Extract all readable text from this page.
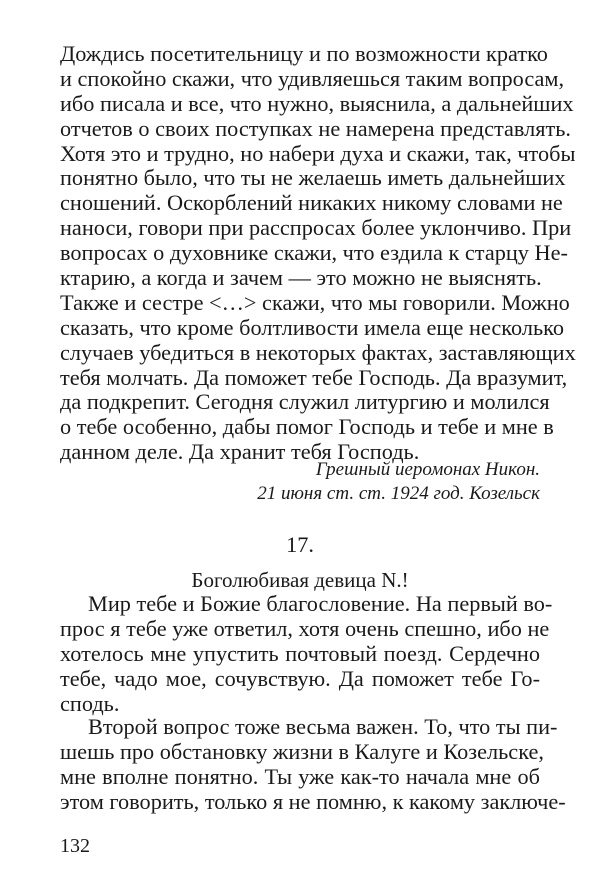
Дождись посетительницу и по возможности кратко
и спокойно скажи, что удивляешься таким вопросам,
ибо писала и все, что нужно, выяснила, а дальнейших
отчетов о своих поступках не намерена представлять.
Хотя это и трудно, но набери духа и скажи, так, чтобы
понятно было, что ты не желаешь иметь дальнейших
сношений. Оскорблений никаких никому словами не
наноси, говори при расспросах более уклончиво. При
вопросах о духовнике скажи, что ездила к старцу Не-
ктарию, а когда и зачем — это можно не выяснять.
Также и сестре <…> скажи, что мы говорили. Можно
сказать, что кроме болтливости имела еще несколько
случаев убедиться в некоторых фактах, заставляющих
тебя молчать. Да поможет тебе Господь. Да вразумит,
да подкрепит. Сегодня служил литургию и молился
о тебе особенно, дабы помог Господь и тебе и мне в
данном деле. Да хранит тебя Господь.
Грешный иеромонах Никон.
21 июня ст. ст. 1924 год. Козельск
17.
Боголюбивая девица N.!
Мир тебе и Божие благословение. На первый во-
прос я тебе уже ответил, хотя очень спешно, ибо не
хотелось мне упустить почтовый поезд. Сердечно
тебе, чадо мое, сочувствую. Да поможет тебе Го-
сподь.
Второй вопрос тоже весьма важен. То, что ты пи-
шешь про обстановку жизни в Калуге и Козельске,
мне вполне понятно. Ты уже как-то начала мне об
этом говорить, только я не помню, к какому заключе-
132
